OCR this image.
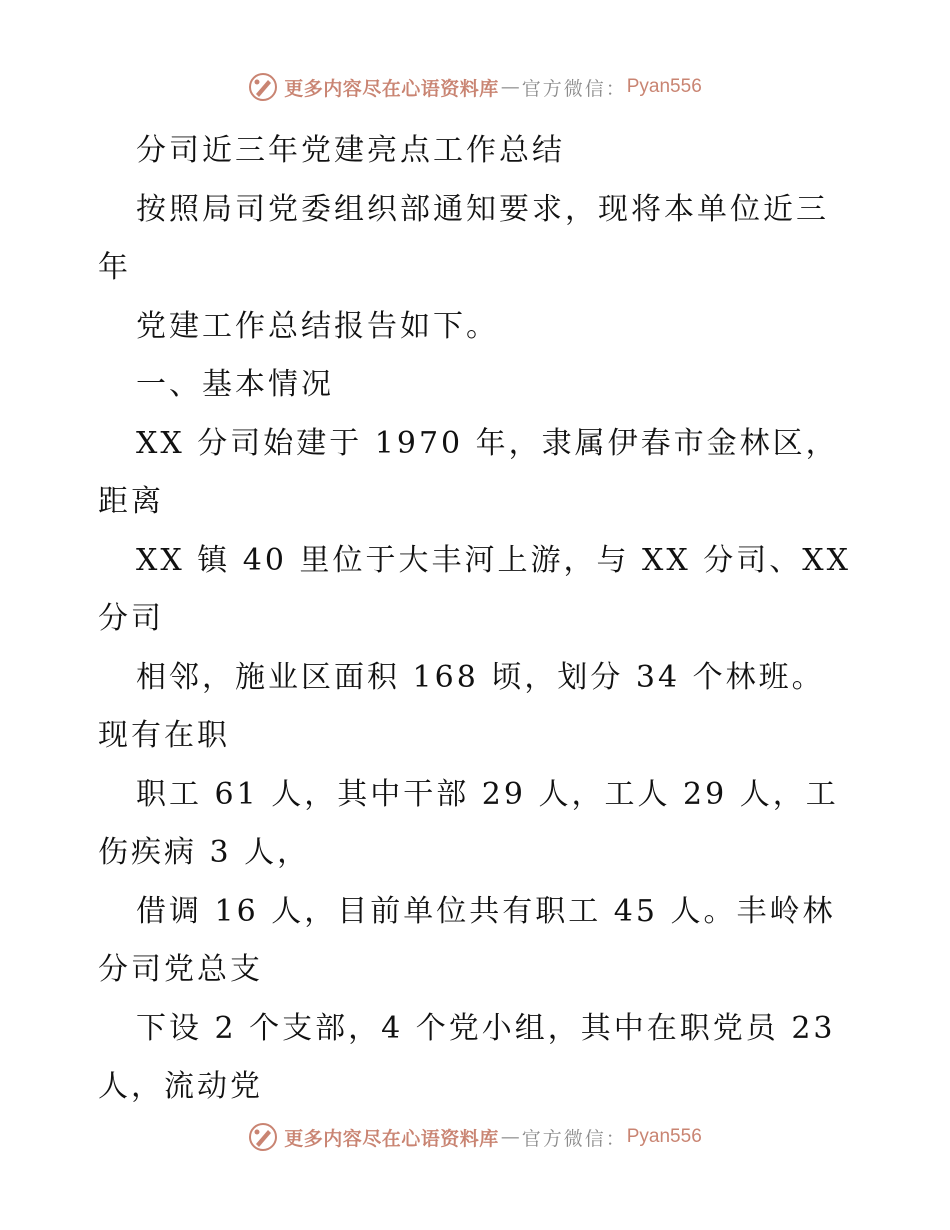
更多内容尽在心语资料库 — 官方微信： Pyan556
分司近三年党建亮点工作总结
按照局司党委组织部通知要求，现将本单位近三
年
党建工作总结报告如下。
一、基本情况
XX 分司始建于 1970 年，隶属伊春市金林区，
距离
XX 镇 40 里位于大丰河上游，与 XX 分司、XX
分司
相邻，施业区面积 168 顷，划分 34 个林班。
现有在职
职工 61 人，其中干部 29 人，工人 29 人，工
伤疾病 3 人，
借调 16 人，目前单位共有职工 45 人。丰岭林
分司党总支
下设 2 个支部，4 个党小组，其中在职党员 23
人，流动党
更多内容尽在心语资料库 — 官方微信： Pyan556
